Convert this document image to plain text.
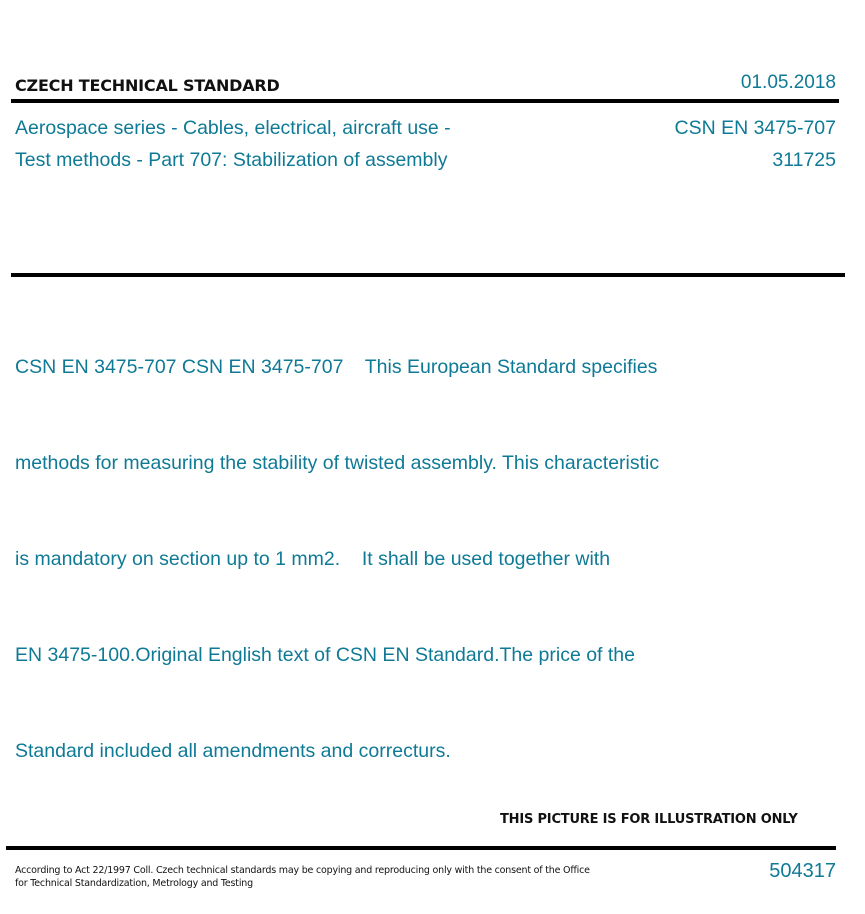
CZECH TECHNICAL STANDARD	01.05.2018
Aerospace series - Cables, electrical, aircraft use -
Test methods - Part 707: Stabilization of assembly
CSN EN 3475-707
311725

CSN EN 3475-707 CSN EN 3475-707    This European Standard specifies

methods for measuring the stability of twisted assembly. This characteristic

is mandatory on section up to 1 mm2.    It shall be used together with

EN 3475-100.Original English text of CSN EN Standard.The price of the

Standard included all amendments and correcturs.

THIS PICTURE IS FOR ILLUSTRATION ONLY
According to Act 22/1997 Coll. Czech technical standards may be copying and reproducing only with the consent of the Office
for Technical Standardization, Metrology and Testing
504317
